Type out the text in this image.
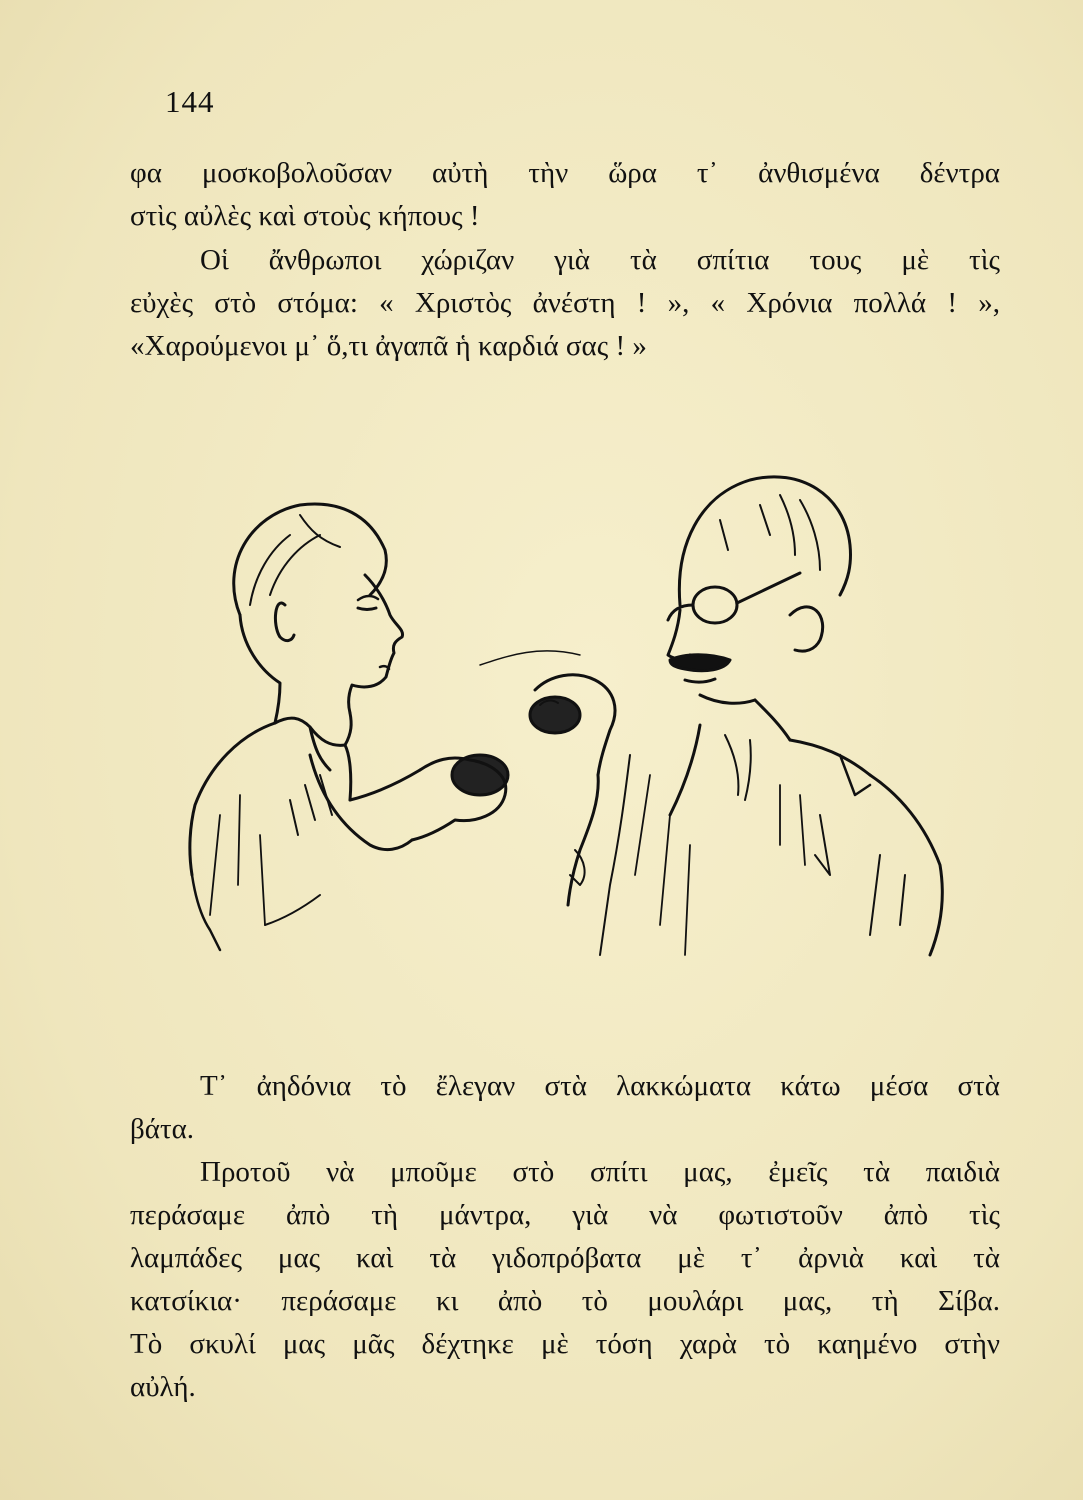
144
φα μοσκοβολοῦσαν αὐτὴ τὴν ὥρα τ᾽ ἀνθισμένα δέντρα
στὶς αὐλὲς καὶ στοὺς κήπους !
Οἱ ἄνθρωποι χώριζαν γιὰ τὰ σπίτια τους μὲ τὶς
εὐχὲς στὸ στόμα: « Χριστὸς ἀνέστη ! », « Χρόνια πολλά ! »,
«Χαρούμενοι μ᾽ ὅ,τι ἀγαπᾶ ἡ καρδιά σας ! »
Τ᾽ ἀηδόνια τὸ ἔλεγαν στὰ λακκώματα κάτω μέσα στὰ
βάτα.
Προτοῦ νὰ μποῦμε στὸ σπίτι μας, ἐμεῖς τὰ παιδιὰ
περάσαμε ἀπὸ τὴ μάντρα, γιὰ νὰ φωτιστοῦν ἀπὸ τὶς
λαμπάδες μας καὶ τὰ γιδοπρόβατα μὲ τ᾽ ἀρνιὰ καὶ τὰ
κατσίκια· περάσαμε κι ἀπὸ τὸ μουλάρι μας, τὴ Σίβα.
Τὸ σκυλί μας μᾶς δέχτηκε μὲ τόση χαρὰ τὸ καημένο στὴν
αὐλή.
